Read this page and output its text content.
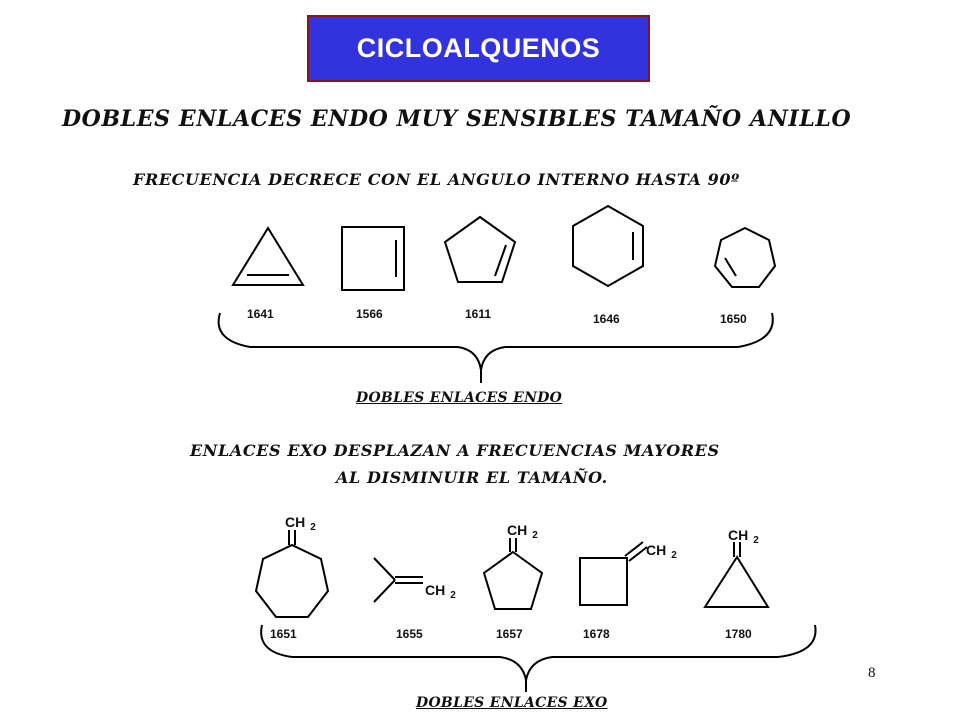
CICLOALQUENOS
DOBLES ENLACES ENDO MUY SENSIBLES TAMAÑO ANILLO
FRECUENCIA DECRECE CON EL ANGULO INTERNO HASTA 90º
1641	1566	1611	1646	1650
DOBLES ENLACES ENDO
ENLACES EXO DESPLAZAN A FRECUENCIAS MAYORES
AL DISMINUIR EL TAMAÑO.
CH $_2$
CH $_2$
CH $_2$
CH $_2$
CH $_2$
1651	1655	1657	1678	1780
DOBLES ENLACES EXO
8
